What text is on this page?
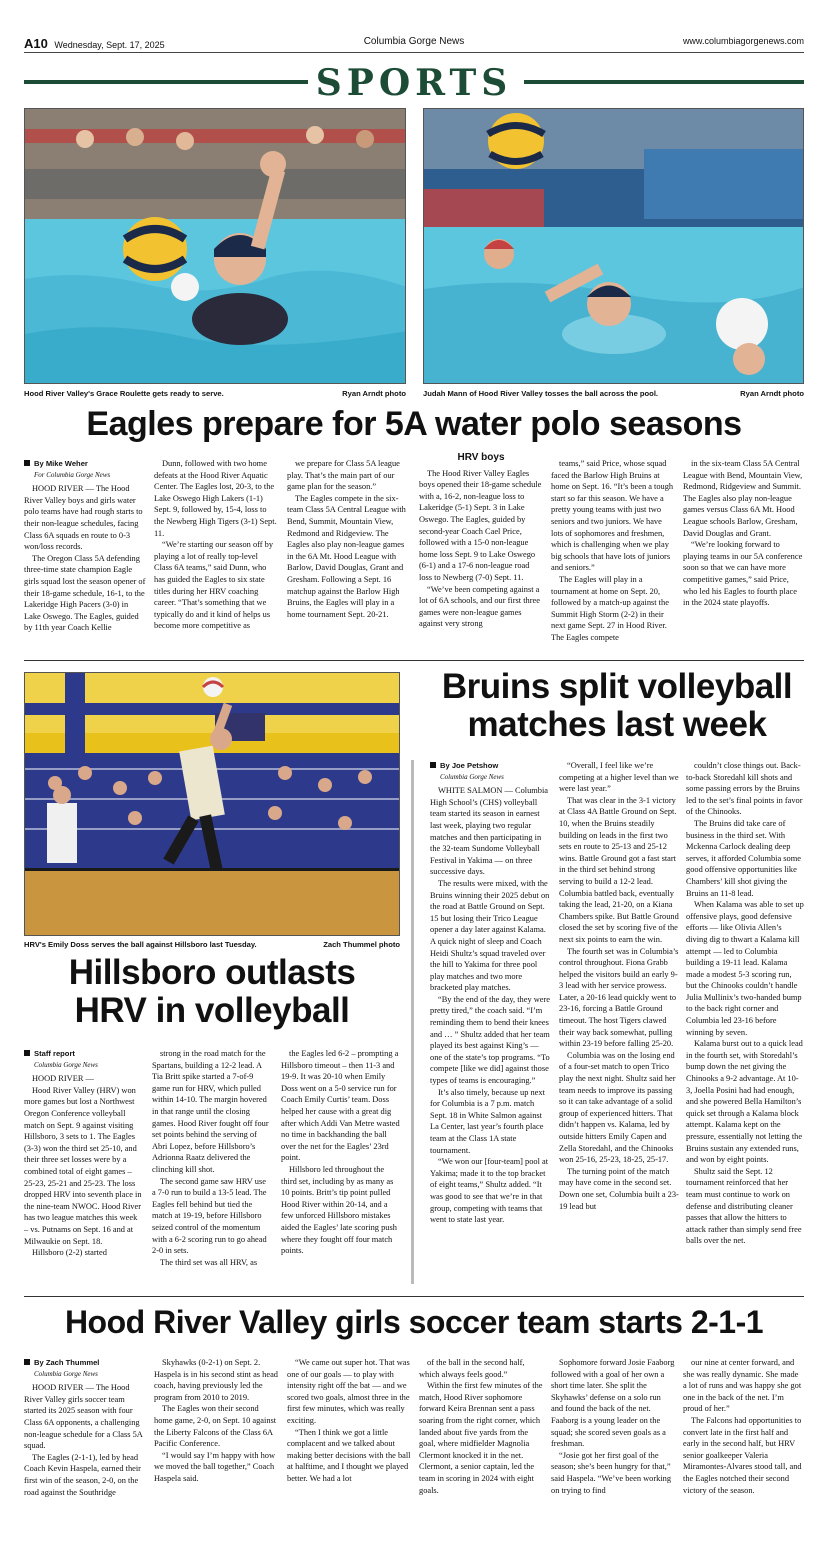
A10 Wednesday, Sept. 17, 2025	Columbia Gorge News	www.columbiagorgenews.com
SPORTS
Hood River Valley's Grace Roulette gets ready to serve.	Ryan Arndt photo Judah Mann of Hood River Valley tosses the ball across the pool.	Ryan Arndt photo
Eagles prepare for 5A water polo seasons
By Mike Weher
For Columbia Gorge News

HOOD RIVER — The Hood River Valley boys and girls water polo teams have had rough starts to their non-league schedules, facing Class 6A squads en route to 0-3 won/loss records.

The Oregon Class 5A defending three-time state champion Eagle girls squad lost the season opener of their 18-game schedule, 16-1, to the Lakeridge High Pacers (3-0) in Lake Oswego. The Eagles, guided by 11th year Coach Kellie

Dunn, followed with two home defeats at the Hood River Aquatic Center. The Eagles lost, 20-3, to the Lake Oswego High Lakers (1-1) Sept. 9, followed by, 15-4, loss to the Newberg High Tigers (3-1) Sept. 11.

“We’re starting our season off by playing a lot of really top-level Class 6A teams,” said Dunn, who has guided the Eagles to six state titles during her HRV coaching career. “That’s something that we typically do and it kind of helps us become more competitive as

we prepare for Class 5A league play. That’s the main part of our game plan for the season.”

The Eagles compete in the six-team Class 5A Central League with Bend, Summit, Mountain View, Redmond and Ridgeview. The Eagles also play non-league games in the 6A Mt. Hood League with Barlow, David Douglas, Grant and Gresham. Following a Sept. 16 matchup against the Barlow High Bruins, the Eagles will play in a home tournament Sept. 20-21.

HRV boys

The Hood River Valley Eagles boys opened their 18-game schedule with a, 16-2, non-league loss to Lakeridge (5-1) Sept. 3 in Lake Oswego. The Eagles, guided by second-year Coach Cael Price, followed with a 15-0 non-league home loss Sept. 9 to Lake Oswego (6-1) and a 17-6 non-league road loss to Newberg (7-0) Sept. 11.

“We’ve been competing against a lot of 6A schools, and our first three games were non-league games against very strong

teams,” said Price, whose squad faced the Barlow High Bruins at home on Sept. 16. “It’s been a tough start so far this season. We have a pretty young teams with just two seniors and two juniors. We have lots of sophomores and freshmen, which is challenging when we play big schools that have lots of juniors and seniors.”

The Eagles will play in a tournament at home on Sept. 20, followed by a match-up against the Summit High Storm (2-2) in their next game Sept. 27 in Hood River. The Eagles compete

in the six-team Class 5A Central League with Bend, Mountain View, Redmond, Ridgeview and Summit. The Eagles also play non-league games versus Class 6A Mt. Hood League schools Barlow, Gresham, David Douglas and Grant.

“We’re looking forward to playing teams in our 5A conference soon so that we can have more competitive games,” said Price, who led his Eagles to fourth place in the 2024 state playoffs.

HRV's Emily Doss serves the ball against Hillsboro last Tuesday.	Zach Thummel photo
Hillsboro outlasts
HRV in volleyball
Staff report
Columbia Gorge News

HOOD RIVER —

Hood River Valley (HRV) won more games but lost a Northwest Oregon Conference volleyball match on Sept. 9 against visiting Hillsboro, 3 sets to 1. The Eagles (3-3) won the third set 25-10, and their three set losses were by a combined total of eight games – 25-23, 25-21 and 25-23. The loss dropped HRV into seventh place in the nine-team NWOC. Hood River has two league matches this week – vs. Putnams on Sept. 16 and at Milwaukie on Sept. 18.

Hillsboro (2-2) started

strong in the road match for the Spartans, building a 12-2 lead. A Tia Britt spike started a 7-of-9 game run for HRV, which pulled within 14-10. The margin hovered in that range until the closing games. Hood River fought off four set points behind the serving of Abri Lopez, before Hillsboro’s Adrionna Raatz delivered the clinching kill shot.

The second game saw HRV use a 7-0 run to build a 13-5 lead. The Eagles fell behind but tied the match at 19-19, before Hillsboro seized control of the momentum with a 6-2 scoring run to go ahead 2-0 in sets.

The third set was all HRV, as

the Eagles led 6-2 – prompting a Hillsboro timeout – then 11-3 and 19-9. It was 20-10 when Emily Doss went on a 5-0 service run for Coach Emily Curtis’ team. Doss helped her cause with a great dig after which Addi Van Metre wasted no time in backhanding the ball over the net for the Eagles’ 23rd point.

Hillsboro led throughout the third set, including by as many as 10 points. Britt’s tip point pulled Hood River within 20-14, and a few unforced Hillsboro mistakes aided the Eagles’ late scoring push where they fought off four match points.

Bruins split volleyball
matches last week
By Joe Petshow
Columbia Gorge News

WHITE SALMON — Columbia High School’s (CHS) volleyball team started its season in earnest last week, playing two regular matches and then participating in the 32-team Sundome Volleyball Festival in Yakima — on three successive days.

The results were mixed, with the Bruins winning their 2025 debut on the road at Battle Ground on Sept. 15 but losing their Trico League opener a day later against Kalama. A quick night of sleep and Coach Heidi Shultz’s squad traveled over the hill to Yakima for three pool play matches and two more bracketed play matches.

“By the end of the day, they were pretty tired,” the coach said. “I’m reminding them to bend their knees and … ” Shultz added that her team played its best against King’s — one of the state’s top programs. “To compete [like we did] against those types of teams is encouraging.”

It’s also timely, because up next for Columbia is a 7 p.m. match Sept. 18 in White Salmon against La Center, last year’s fourth place team at the Class 1A state tournament.

“We won our [four-team] pool at Yakima; made it to the top bracket of eight teams,” Shultz added. “It was good to see that we’re in that group, competing with teams that went to state last year.

“Overall, I feel like we’re competing at a higher level than we were last year.”

That was clear in the 3-1 victory at Class 4A Battle Ground on Sept. 10, when the Bruins steadily building on leads in the first two sets en route to 25-13 and 25-12 wins. Battle Ground got a fast start in the third set behind strong serving to build a 12-2 lead. Columbia battled back, eventually taking the lead, 21-20, on a Kiana Chambers spike. But Battle Ground closed the set by scoring five of the next six points to earn the win.

The fourth set was in Columbia’s control throughout. Fiona Grabb helped the visitors build an early 9-3 lead with her service prowess. Later, a 20-16 lead quickly went to 23-16, forcing a Battle Ground timeout. The host Tigers clawed their way back somewhat, pulling within 23-19 before falling 25-20.

Columbia was on the losing end of a four-set match to open Trico play the next night. Shultz said her team needs to improve its passing so it can take advantage of a solid group of experienced hitters. That didn’t happen vs. Kalama, led by outside hitters Emily Capen and Zella Storedahl, and the Chinooks won 25-16, 25-23, 18-25, 25-17.

The turning point of the match may have come in the second set. Down one set, Columbia built a 23-19 lead but

couldn’t close things out. Back-to-back Storedahl kill shots and some passing errors by the Bruins led to the set’s final points in favor of the Chinooks.

The Bruins did take care of business in the third set. With Mckenna Carlock dealing deep serves, it afforded Columbia some good offensive opportunities like Chambers’ kill shot giving the Bruins an 11-8 lead.

When Kalama was able to set up offensive plays, good defensive efforts — like Olivia Allen’s diving dig to thwart a Kalama kill attempt — led to Columbia building a 19-11 lead. Kalama made a modest 5-3 scoring run, but the Chinooks couldn’t handle Julia Mullinix’s two-handed bump to the back right corner and Columbia led 23-16 before winning by seven.

Kalama burst out to a quick lead in the fourth set, with Storedahl’s bump down the net giving the Chinooks a 9-2 advantage. At 10-3, Joella Posini had had enough, and she powered Bella Hamilton’s quick set through a Kalama block attempt. Kalama kept on the pressure, essentially not letting the Bruins sustain any extended runs, and won by eight points.

Shultz said the Sept. 12 tournament reinforced that her team must continue to work on defense and distributing cleaner passes that allow the hitters to attack rather than simply send free balls over the net.

Hood River Valley girls soccer team starts 2-1-1
By Zach Thummel
Columbia Gorge News

HOOD RIVER — The Hood River Valley girls soccer team started its 2025 season with four Class 6A opponents, a challenging non-league schedule for a Class 5A squad.

The Eagles (2-1-1), led by head Coach Kevin Haspela, earned their first win of the season, 2-0, on the road against the Southridge

Skyhawks (0-2-1) on Sept. 2. Haspela is in his second stint as head coach, having previously led the program from 2010 to 2019.

The Eagles won their second home game, 2-0, on Sept. 10 against the Liberty Falcons of the Class 6A Pacific Conference.

“I would say I’m happy with how we moved the ball together,” Coach Haspela said.

“We came out super hot. That was one of our goals — to play with intensity right off the bat — and we scored two goals, almost three in the first few minutes, which was really exciting.

“Then I think we got a little complacent and we talked about making better decisions with the ball at halftime, and I thought we played better. We had a lot

of the ball in the second half, which always feels good.”

Within the first few minutes of the match, Hood River sophomore forward Keira Brennan sent a pass soaring from the right corner, which landed about five yards from the goal, where midfielder Magnolia Clermont knocked it in the net. Clermont, a senior captain, led the team in scoring in 2024 with eight goals.

Sophomore forward Josie Faaborg followed with a goal of her own a short time later. She split the Skyhawks’ defense on a solo run and found the back of the net. Faaborg is a young leader on the squad; she scored seven goals as a freshman.

“Josie got her first goal of the season; she’s been hungry for that,” said Haspela. “We’ve been working on trying to find

our nine at center forward, and she was really dynamic. She made a lot of runs and was happy she got one in the back of the net. I’m proud of her.”

The Falcons had opportunities to convert late in the first half and early in the second half, but HRV senior goalkeeper Valeria Miramontes-Alvares stood tall, and the Eagles notched their second victory of the season.
